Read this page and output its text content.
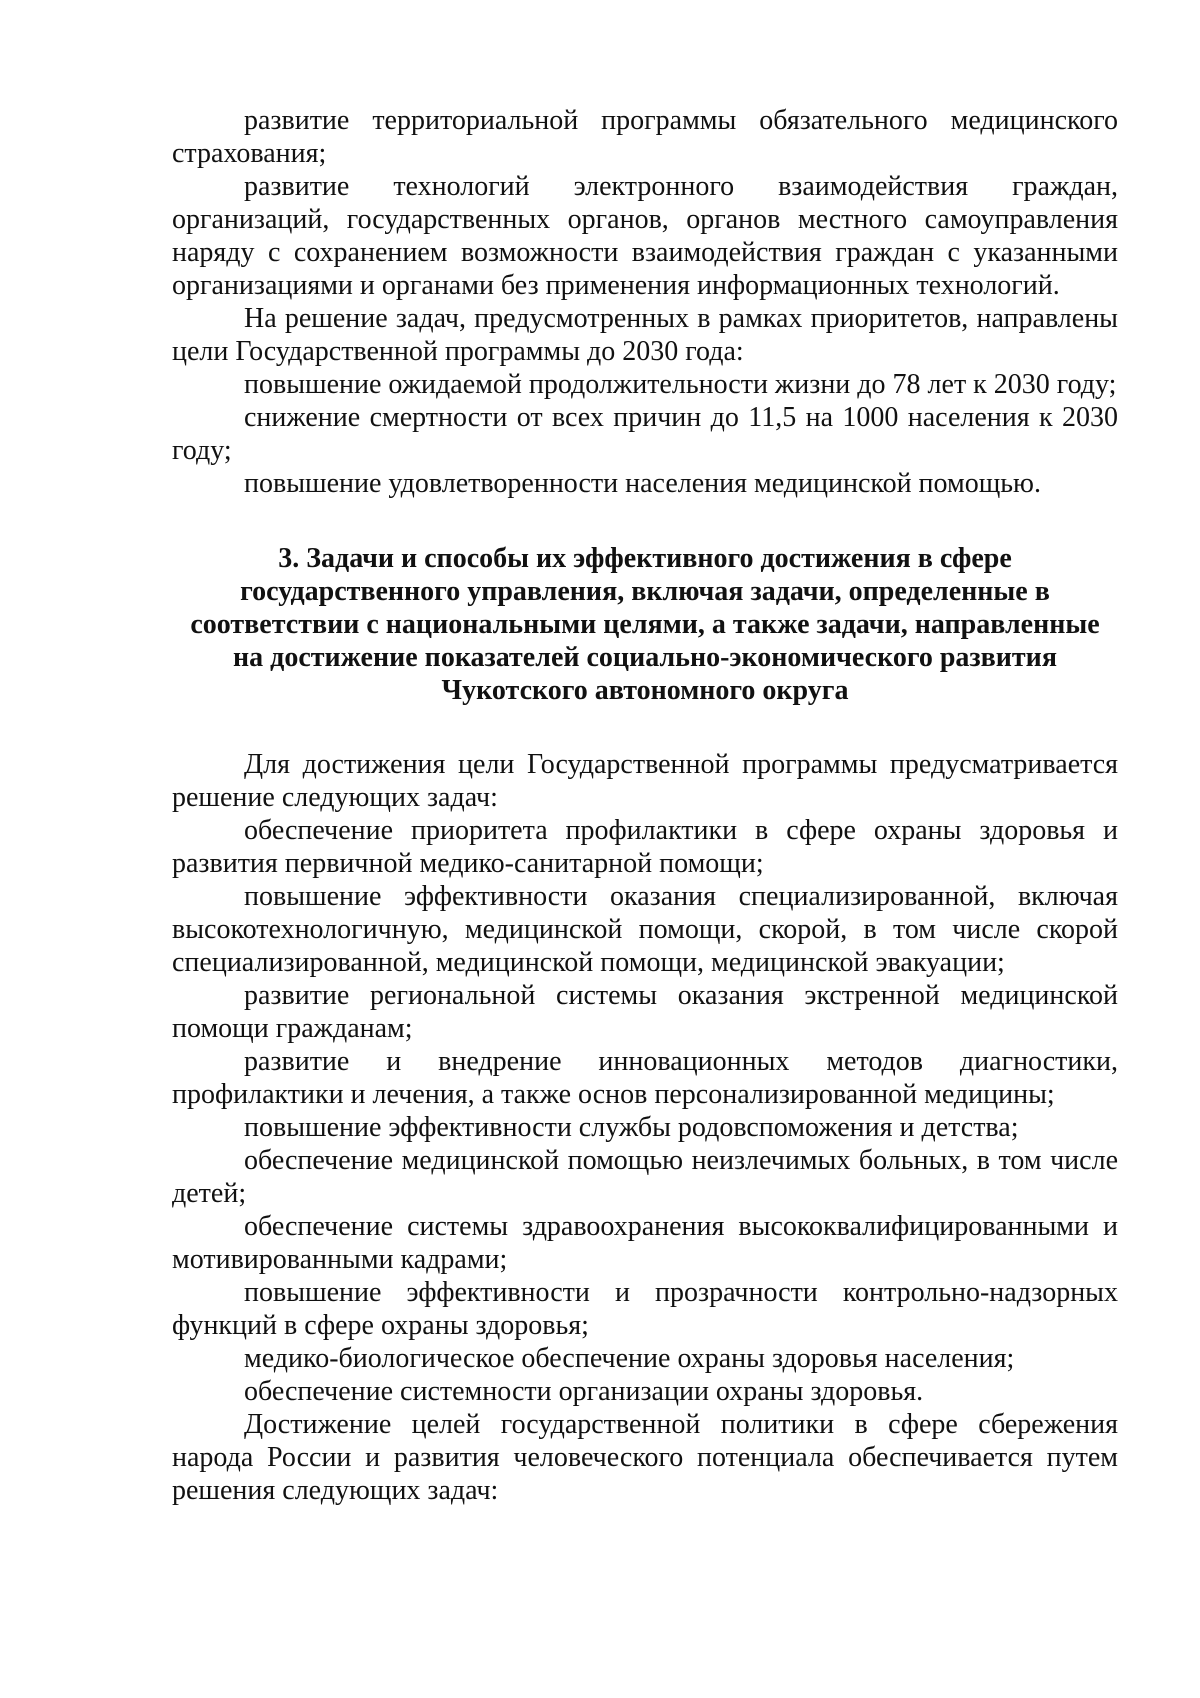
развитие территориальной программы обязательного медицинского страхования;

развитие технологий электронного взаимодействия граждан, организаций, государственных органов, органов местного самоуправления наряду с сохранением возможности взаимодействия граждан с указанными организациями и органами без применения информационных технологий.

На решение задач, предусмотренных в рамках приоритетов, направлены цели Государственной программы до 2030 года:

повышение ожидаемой продолжительности жизни до 78 лет к 2030 году;

снижение смертности от всех причин до 11,5 на 1000 населения к 2030 году;

повышение удовлетворенности населения медицинской помощью.

3. Задачи и способы их эффективного достижения в сфере
государственного управления, включая задачи, определенные в
соответствии с национальными целями, а также задачи, направленные
на достижение показателей социально-экономического развития
Чукотского автономного округа

Для достижения цели Государственной программы предусматривается решение следующих задач:

обеспечение приоритета профилактики в сфере охраны здоровья и развития первичной медико-санитарной помощи;

повышение эффективности оказания специализированной, включая высокотехнологичную, медицинской помощи, скорой, в том числе скорой специализированной, медицинской помощи, медицинской эвакуации;

развитие региональной системы оказания экстренной медицинской помощи гражданам;

развитие и внедрение инновационных методов диагностики, профилактики и лечения, а также основ персонализированной медицины;

повышение эффективности службы родовспоможения и детства;

обеспечение медицинской помощью неизлечимых больных, в том числе детей;

обеспечение системы здравоохранения высококвалифицированными и мотивированными кадрами;

повышение эффективности и прозрачности контрольно-надзорных функций в сфере охраны здоровья;

медико-биологическое обеспечение охраны здоровья населения;

обеспечение системности организации охраны здоровья.

Достижение целей государственной политики в сфере сбережения народа России и развития человеческого потенциала обеспечивается путем решения следующих задач:
